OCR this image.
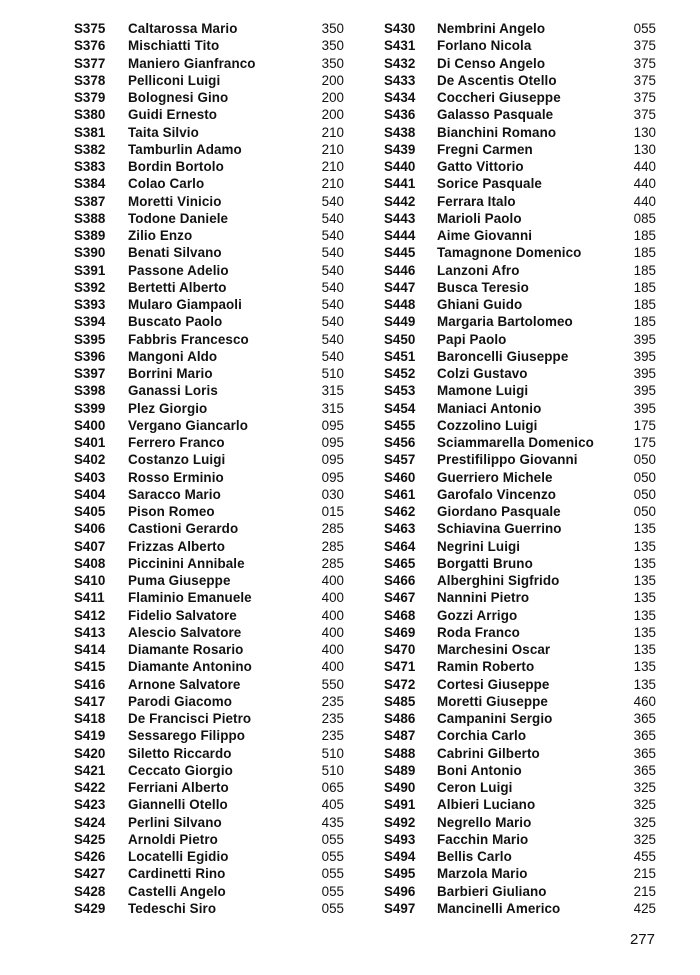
S375 Caltarossa Mario	350
S376 Mischiatti Tito	350
S377 Maniero Gianfranco	350
S378 Pelliconi Luigi	200
S379 Bolognesi Gino	200
S380 Guidi Ernesto	200
S381 Taita Silvio	210
S382 Tamburlin Adamo	210
S383 Bordin Bortolo	210
S384 Colao Carlo	210
S387 Moretti Vinicio	540
S388 Todone Daniele	540
S389 Zilio Enzo	540
S390 Benati Silvano	540
S391 Passone Adelio	540
S392 Bertetti Alberto	540
S393 Mularo Giampaoli	540
S394 Buscato Paolo	540
S395 Fabbris Francesco	540
S396 Mangoni Aldo	540
S397 Borrini Mario	510
S398 Ganassi Loris	315
S399 Plez Giorgio	315
S400 Vergano Giancarlo	095
S401 Ferrero Franco	095
S402 Costanzo Luigi	095
S403 Rosso Erminio	095
S404 Saracco Mario	030
S405 Pison Romeo	015
S406 Castioni Gerardo	285
S407 Frizzas Alberto	285
S408 Piccinini Annibale	285
S410 Puma Giuseppe	400
S411 Flaminio Emanuele	400
S412 Fidelio Salvatore	400
S413 Alescio Salvatore	400
S414 Diamante Rosario	400
S415 Diamante Antonino	400
S416 Arnone Salvatore	550
S417 Parodi Giacomo	235
S418 De Francisci Pietro	235
S419 Sessarego Filippo	235
S420 Siletto Riccardo	510
S421 Ceccato Giorgio	510
S422 Ferriani Alberto	065
S423 Giannelli Otello	405
S424 Perlini Silvano	435
S425 Arnoldi Pietro	055
S426 Locatelli Egidio	055
S427 Cardinetti Rino	055
S428 Castelli Angelo	055
S429 Tedeschi Siro	055
S430 Nembrini Angelo	055
S431 Forlano Nicola	375
S432 Di Censo Angelo	375
S433 De Ascentis Otello	375
S434 Coccheri Giuseppe	375
S436 Galasso Pasquale	375
S438 Bianchini Romano	130
S439 Fregni Carmen	130
S440 Gatto Vittorio	440
S441 Sorice Pasquale	440
S442 Ferrara Italo	440
S443 Marioli Paolo	085
S444 Aime Giovanni	185
S445 Tamagnone Domenico	185
S446 Lanzoni Afro	185
S447 Busca Teresio	185
S448 Ghiani Guido	185
S449 Margaria Bartolomeo	185
S450 Papi Paolo	395
S451 Baroncelli Giuseppe	395
S452 Colzi Gustavo	395
S453 Mamone Luigi	395
S454 Maniaci Antonio	395
S455 Cozzolino Luigi	175
S456 Sciammarella Domenico	175
S457 Prestifilippo Giovanni	050
S460 Guerriero Michele	050
S461 Garofalo Vincenzo	050
S462 Giordano Pasquale	050
S463 Schiavina Guerrino	135
S464 Negrini Luigi	135
S465 Borgatti Bruno	135
S466 Alberghini Sigfrido	135
S467 Nannini Pietro	135
S468 Gozzi Arrigo	135
S469 Roda Franco	135
S470 Marchesini Oscar	135
S471 Ramin Roberto	135
S472 Cortesi Giuseppe	135
S485 Moretti Giuseppe	460
S486 Campanini Sergio	365
S487 Corchia Carlo	365
S488 Cabrini Gilberto	365
S489 Boni Antonio	365
S490 Ceron Luigi	325
S491 Albieri Luciano	325
S492 Negrello Mario	325
S493 Facchin Mario	325
S494 Bellis Carlo	455
S495 Marzola Mario	215
S496 Barbieri Giuliano	215
S497 Mancinelli Americo	425
277
